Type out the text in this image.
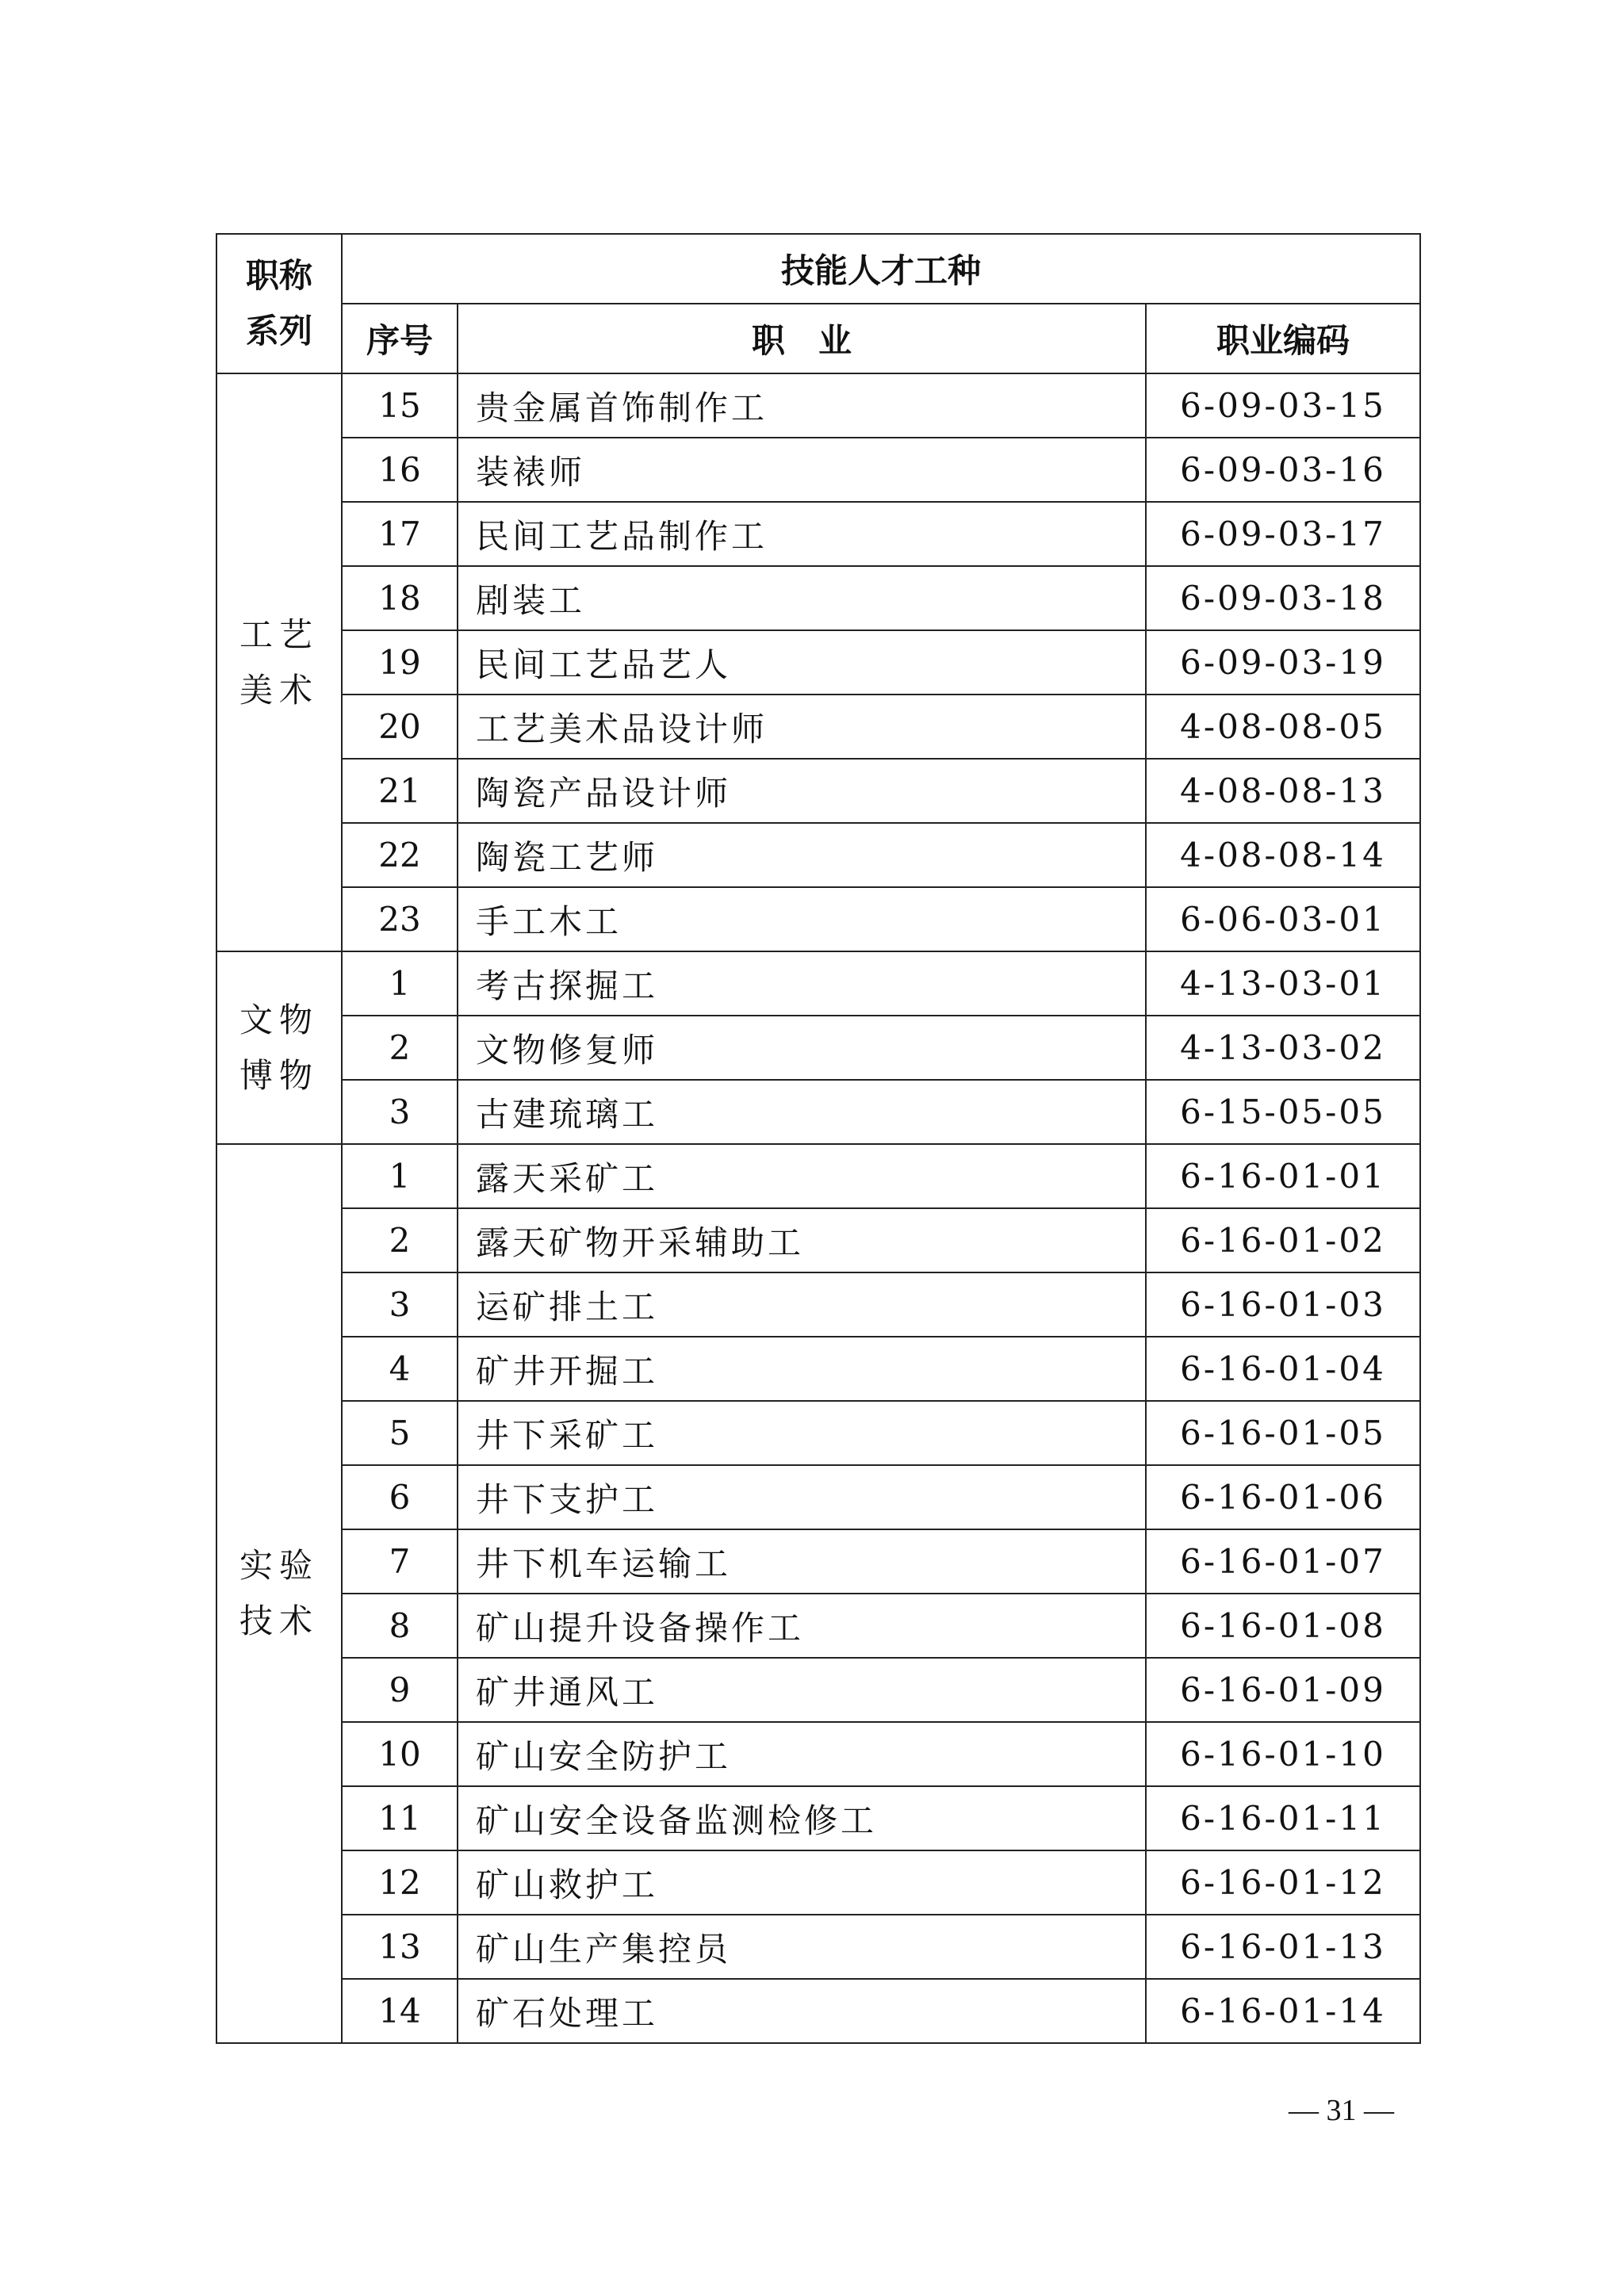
职称系列	技能人才工种		
	序号	职　业	职业编码
工艺美术	15	贵金属首饰制作工	6-09-03-15
	16	装裱师	6-09-03-16
	17	民间工艺品制作工	6-09-03-17
	18	剧装工	6-09-03-18
	19	民间工艺品艺人	6-09-03-19
	20	工艺美术品设计师	4-08-08-05
	21	陶瓷产品设计师	4-08-08-13
	22	陶瓷工艺师	4-08-08-14
	23	手工木工	6-06-03-01
文物博物	1	考古探掘工	4-13-03-01
	2	文物修复师	4-13-03-02
	3	古建琉璃工	6-15-05-05
实验技术	1	露天采矿工	6-16-01-01
	2	露天矿物开采辅助工	6-16-01-02
	3	运矿排土工	6-16-01-03
	4	矿井开掘工	6-16-01-04
	5	井下采矿工	6-16-01-05
	6	井下支护工	6-16-01-06
	7	井下机车运输工	6-16-01-07
	8	矿山提升设备操作工	6-16-01-08
	9	矿井通风工	6-16-01-09
	10	矿山安全防护工	6-16-01-10
	11	矿山安全设备监测检修工	6-16-01-11
	12	矿山救护工	6-16-01-12
	13	矿山生产集控员	6-16-01-13
	14	矿石处理工	6-16-01-14
— 31 —
